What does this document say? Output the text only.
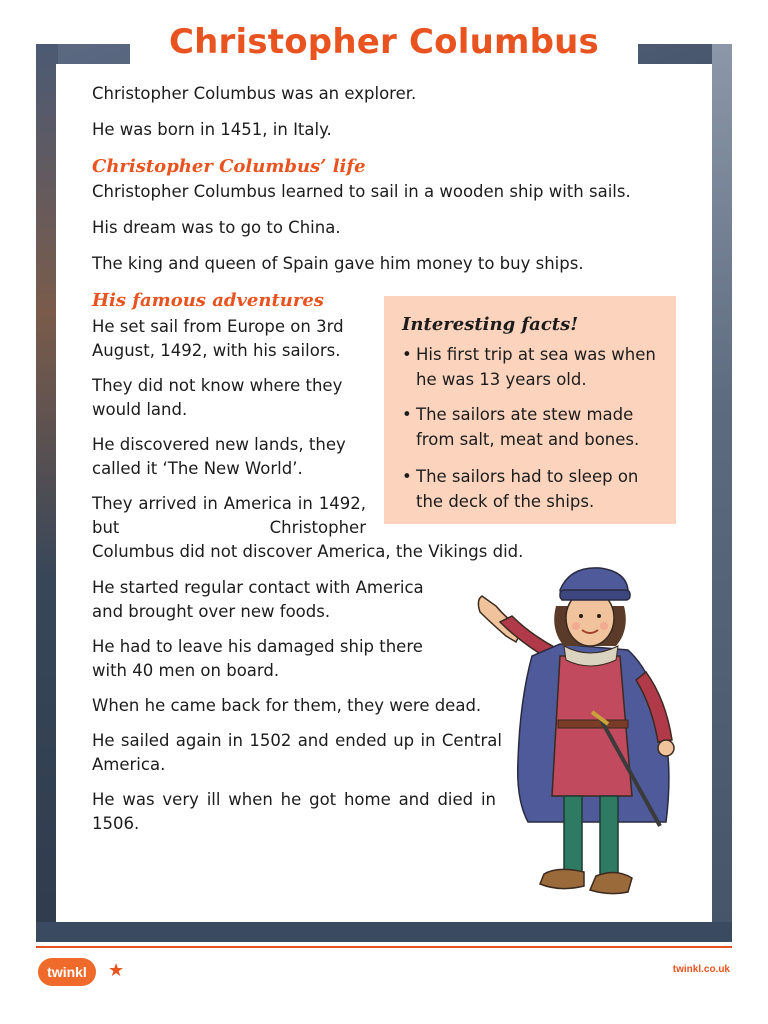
Christopher Columbus

Christopher Columbus was an explorer.

He was born in 1451, in Italy.

Christopher Columbus’ life

Christopher Columbus learned to sail in a wooden ship with sails.

His dream was to go to China.

The king and queen of Spain gave him money to buy ships.

His famous adventures

He set sail from Europe on 3rd August, 1492, with his sailors.

They did not know where they would land.

He discovered new lands, they called it ‘The New World’.

They arrived in America in 1492, but Christopher

Columbus did not discover America, the Vikings did.

He started regular contact with America and brought over new foods.

He had to leave his damaged ship there with 40 men on board.

When he came back for them, they were dead.

He sailed again in 1502 and ended up in Central America.

He was very ill when he got home and died in 1506.

Interesting facts!

• His first trip at sea was when he was 13 years old.

• The sailors ate stew made from salt, meat and bones.

• The sailors had to sleep on the deck of the ships.

twinkl	★	twinkl.co.uk
